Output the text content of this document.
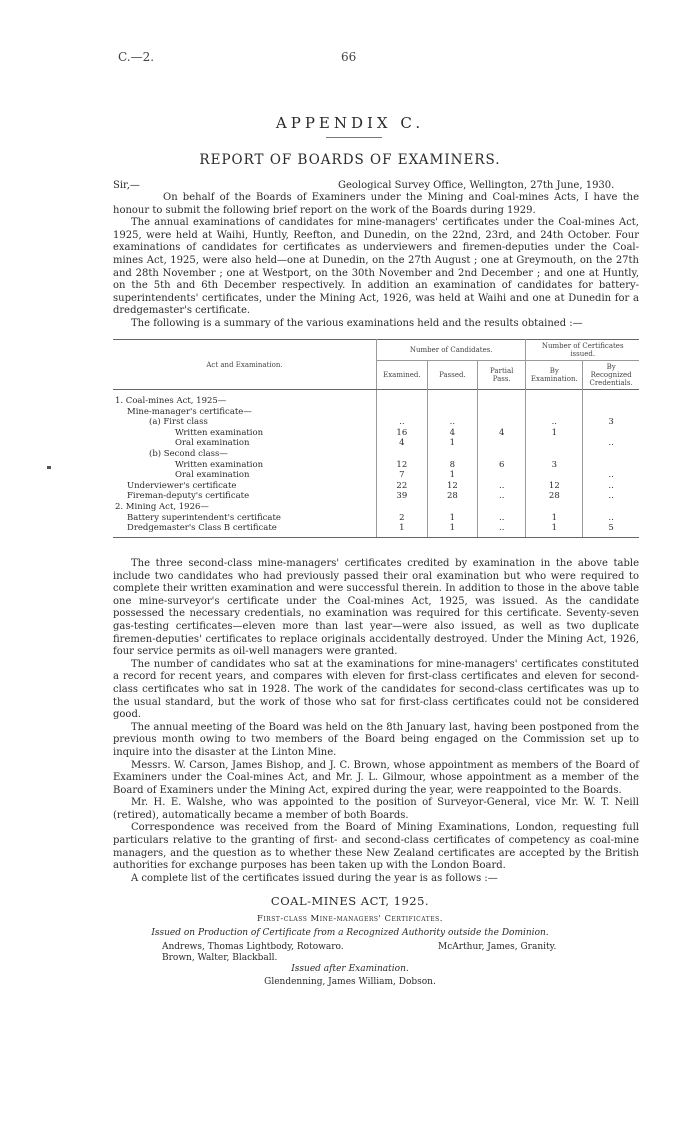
C.—2.	66
APPENDIX C.
REPORT OF BOARDS OF EXAMINERS.
Sir,—	Geological Survey Office, Wellington, 27th June, 1930.

On behalf of the Boards of Examiners under the Mining and Coal-mines Acts, I have the honour to submit the following brief report on the work of the Boards during 1929.

The annual examinations of candidates for mine-managers' certificates under the Coal-mines Act, 1925, were held at Waihi, Huntly, Reefton, and Dunedin, on the 22nd, 23rd, and 24th October. Four examinations of candidates for certificates as underviewers and firemen-deputies under the Coal-mines Act, 1925, were also held—one at Dunedin, on the 27th August ; one at Greymouth, on the 27th and 28th November ; one at Westport, on the 30th November and 2nd December ; and one at Huntly, on the 5th and 6th December respectively. In addition an examination of candidates for battery-superintendents' certificates, under the Mining Act, 1926, was held at Waihi and one at Dunedin for a dredgemaster's certificate.

The following is a summary of the various examinations held and the results obtained :—

Act and Examination.	Number of Candidates.			Number of Certificates issued.	
	Examined.	Passed.	Partial Pass.	By Examination.	By Recognized Credentials.
1. Coal-mines Act, 1925—					
Mine-manager's certificate—					
(a) First class	..	..		..	3
Written examination	16	4	4	1	
Oral examination	4	1			..
(b) Second class—					
Written examination	12	8	6	3	
Oral examination	7	1			..
Underviewer's certificate	22	12	..	12	..
Fireman-deputy's certificate	39	28	..	28	..
2. Mining Act, 1926—					
Battery superintendent's certificate	2	1	..	1	..
Dredgemaster's Class B certificate	1	1	..	1	5

The three second-class mine-managers' certificates credited by examination in the above table include two candidates who had previously passed their oral examination but who were required to complete their written examination and were successful therein. In addition to those in the above table one mine-surveyor's certificate under the Coal-mines Act, 1925, was issued. As the candidate possessed the necessary credentials, no examination was required for this certificate. Seventy-seven gas-testing certificates—eleven more than last year—were also issued, as well as two duplicate firemen-deputies' certificates to replace originals accidentally destroyed. Under the Mining Act, 1926, four service permits as oil-well managers were granted.

The number of candidates who sat at the examinations for mine-managers' certificates constituted a record for recent years, and compares with eleven for first-class certificates and eleven for second-class certificates who sat in 1928. The work of the candidates for second-class certificates was up to the usual standard, but the work of those who sat for first-class certificates could not be considered good.

The annual meeting of the Board was held on the 8th January last, having been postponed from the previous month owing to two members of the Board being engaged on the Commission set up to inquire into the disaster at the Linton Mine.

Messrs. W. Carson, James Bishop, and J. C. Brown, whose appointment as members of the Board of Examiners under the Coal-mines Act, and Mr. J. L. Gilmour, whose appointment as a member of the Board of Examiners under the Mining Act, expired during the year, were reappointed to the Boards.

Mr. H. E. Walshe, who was appointed to the position of Surveyor-General, vice Mr. W. T. Neill (retired), automatically became a member of both Boards.

Correspondence was received from the Board of Mining Examinations, London, requesting full particulars relative to the granting of first- and second-class certificates of competency as coal-mine managers, and the question as to whether these New Zealand certificates are accepted by the British authorities for exchange purposes has been taken up with the London Board.

A complete list of the certificates issued during the year is as follows :—

COAL-MINES ACT, 1925.
First-class Mine-managers' Certificates.
Issued on Production of Certificate from a Recognized Authority outside the Dominion.
Andrews, Thomas Lightbody, Rotowaro.
Brown, Walter, Blackball.
McArthur, James, Granity.
Issued after Examination.
Glendenning, James William, Dobson.
